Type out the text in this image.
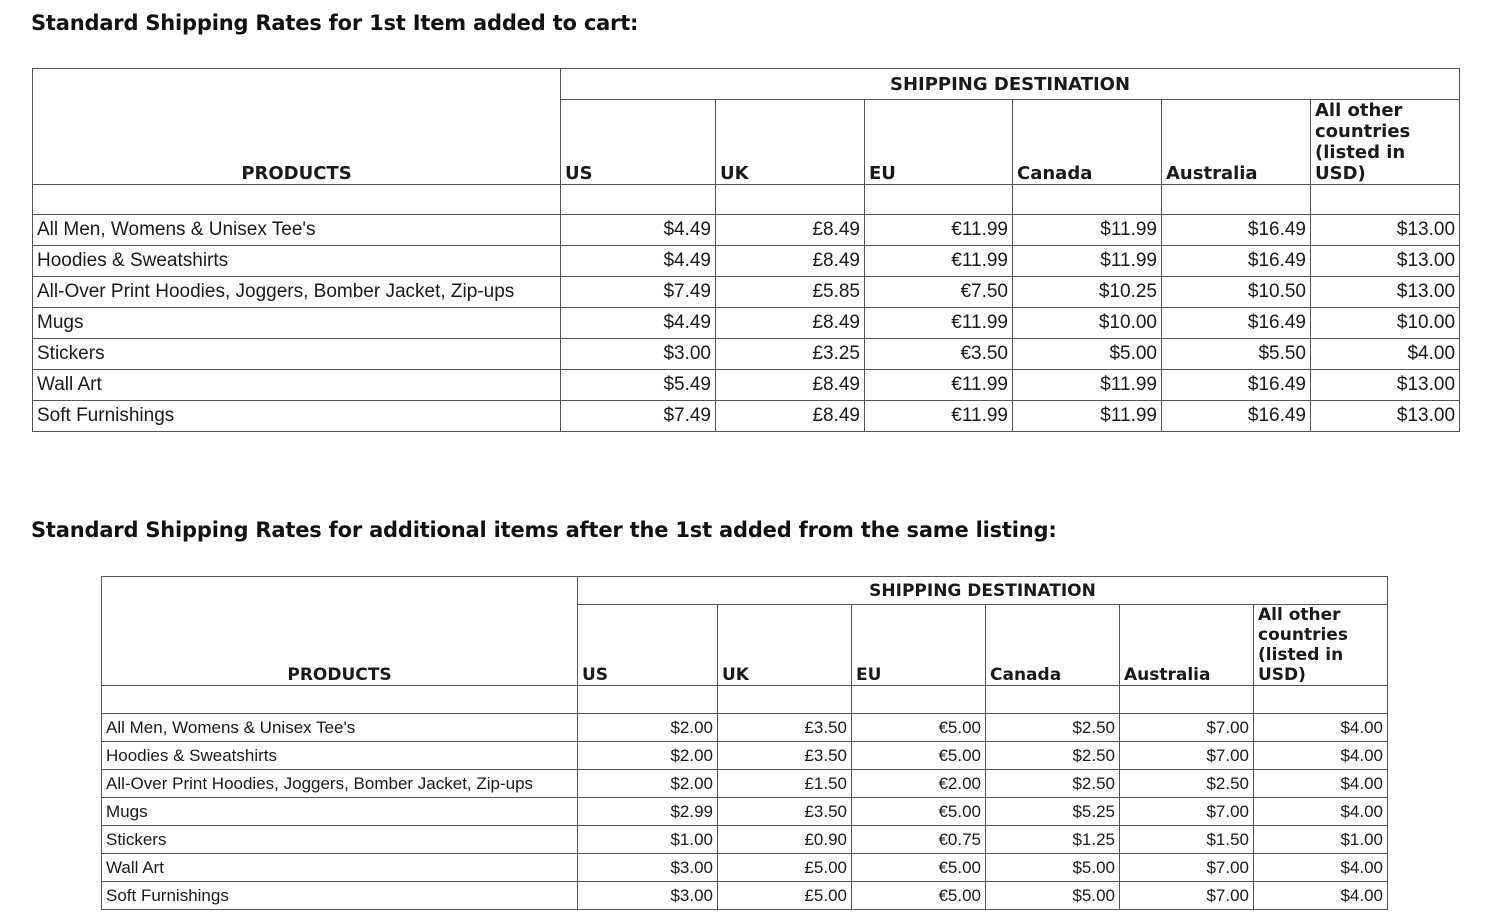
Standard Shipping Rates for 1st Item added to cart:
PRODUCTS	SHIPPING DESTINATION					
	US	UK	EU	Canada	Australia	All other countries (listed in USD)

All Men, Womens & Unisex Tee's	$4.49	£8.49	€11.99	$11.99	$16.49	$13.00
Hoodies & Sweatshirts	$4.49	£8.49	€11.99	$11.99	$16.49	$13.00
All-Over Print Hoodies, Joggers, Bomber Jacket, Zip-ups	$7.49	£5.85	€7.50	$10.25	$10.50	$13.00
Mugs	$4.49	£8.49	€11.99	$10.00	$16.49	$10.00
Stickers	$3.00	£3.25	€3.50	$5.00	$5.50	$4.00
Wall Art	$5.49	£8.49	€11.99	$11.99	$16.49	$13.00
Soft Furnishings	$7.49	£8.49	€11.99	$11.99	$16.49	$13.00
Standard Shipping Rates for additional items after the 1st added from the same listing:
PRODUCTS	SHIPPING DESTINATION					
	US	UK	EU	Canada	Australia	All other countries (listed in USD)

All Men, Womens & Unisex Tee's	$2.00	£3.50	€5.00	$2.50	$7.00	$4.00
Hoodies & Sweatshirts	$2.00	£3.50	€5.00	$2.50	$7.00	$4.00
All-Over Print Hoodies, Joggers, Bomber Jacket, Zip-ups	$2.00	£1.50	€2.00	$2.50	$2.50	$4.00
Mugs	$2.99	£3.50	€5.00	$5.25	$7.00	$4.00
Stickers	$1.00	£0.90	€0.75	$1.25	$1.50	$1.00
Wall Art	$3.00	£5.00	€5.00	$5.00	$7.00	$4.00
Soft Furnishings	$3.00	£5.00	€5.00	$5.00	$7.00	$4.00
